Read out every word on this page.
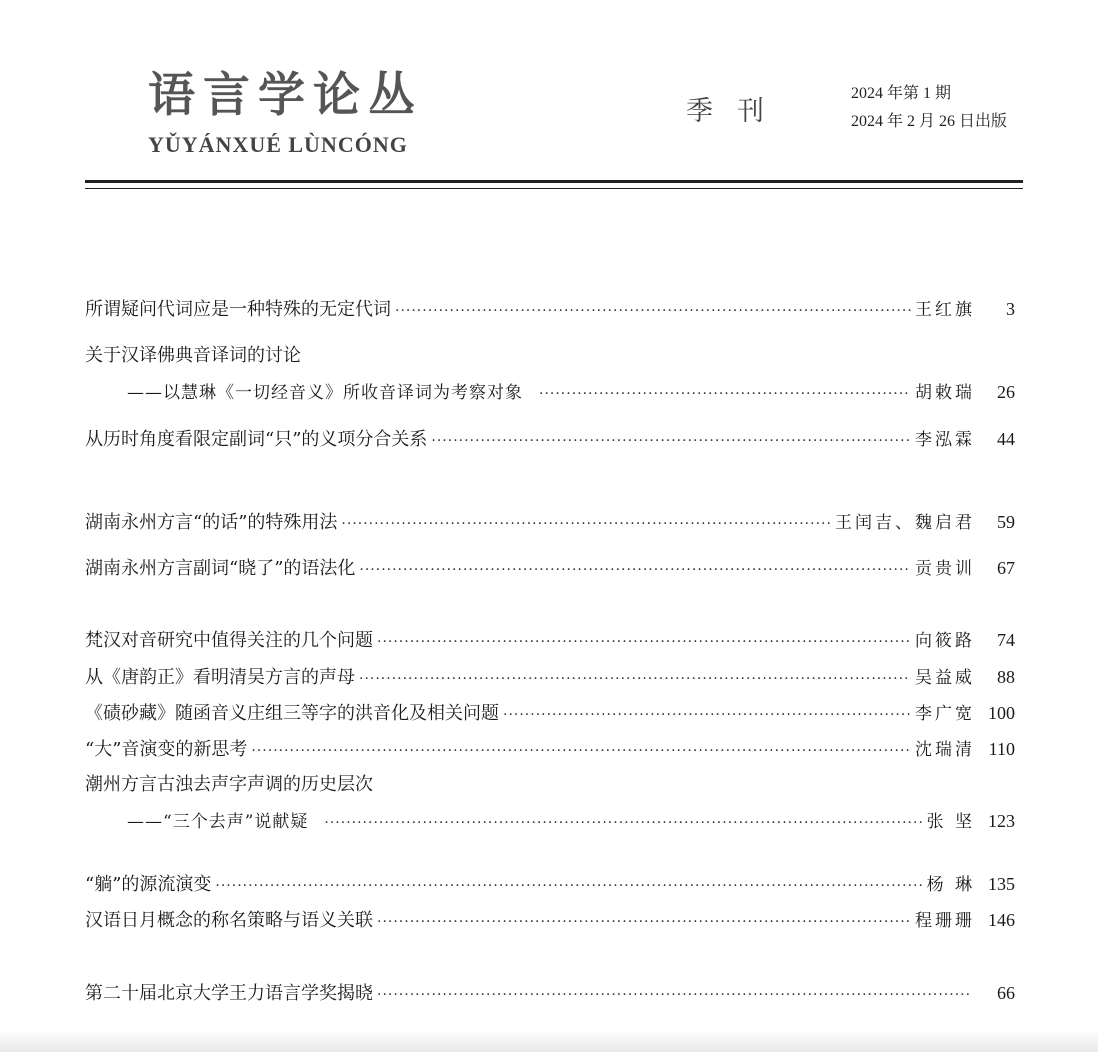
语言学论丛
YǓYÁNXUÉ LÙNCÓNG
季刊
2024 年第 1 期
2024 年 2 月 26 日出版
所谓疑问代词应是一种特殊的无定代词 ·····	王红旗	3
关于汉译佛典音译词的讨论
——以慧琳《一切经音义》所收音译词为考察对象 ·····	胡敕瑞	26
从历时角度看限定副词“只”的义项分合关系 ·····	李泓霖	44
湖南永州方言“的话”的特殊用法 ·····	王闰吉、魏启君	59
湖南永州方言副词“晓了”的语法化 ·····	贡贵训	67
梵汉对音研究中值得关注的几个问题 ·····	向筱路	74
从《唐韵正》看明清吴方言的声母 ·····	吴益威	88
《碛砂藏》随函音义庄组三等字的洪音化及相关问题 ·····	李广宽 100
“大”音演变的新思考 ·····	沈瑞清 110
潮州方言古浊去声字声调的历史层次
——“三个去声”说献疑 ·····	张 坚 123
“躺”的源流演变 ·····	杨 琳 135
汉语日月概念的称名策略与语义关联 ·····	程珊珊 146
第二十届北京大学王力语言学奖揭晓 ·····	66
